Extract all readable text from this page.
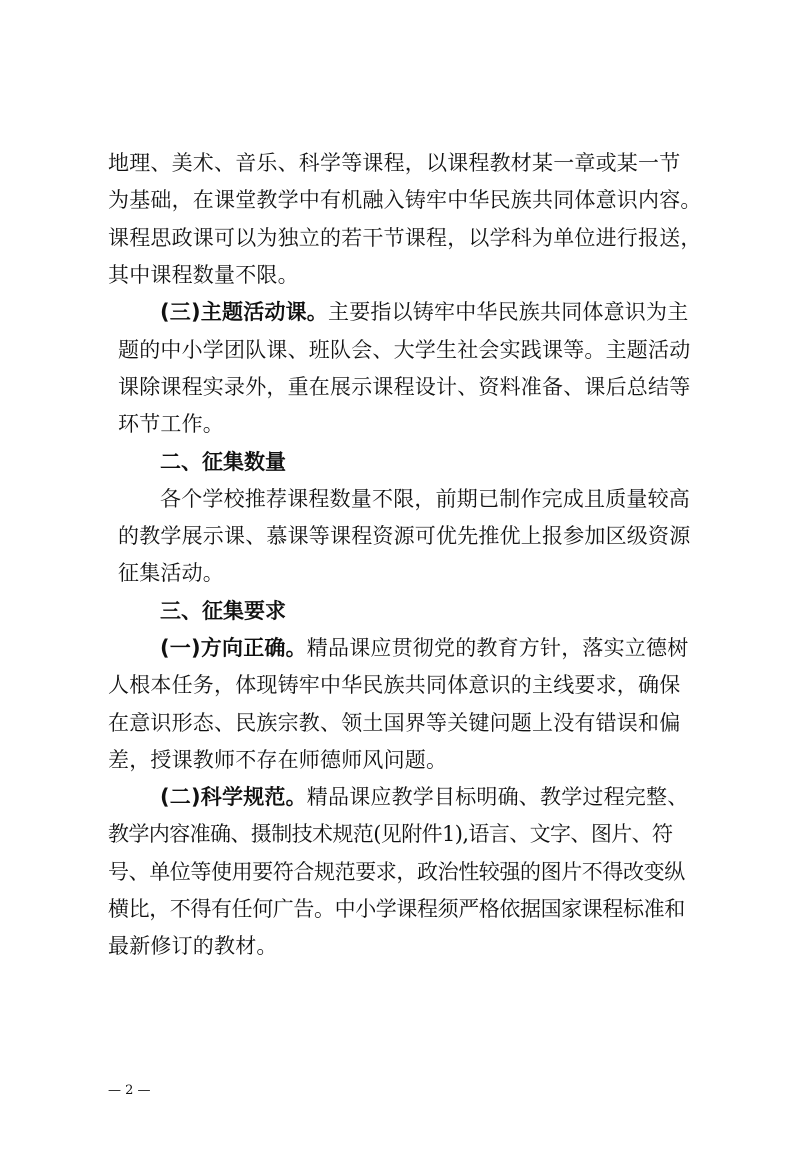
地理、美术、音乐、科学等课程，以课程教材某一章或某一节
为基础，在课堂教学中有机融入铸牢中华民族共同体意识内容。
课程思政课可以为独立的若干节课程，以学科为单位进行报送，
其中课程数量不限。
(三)主题活动课。主要指以铸牢中华民族共同体意识为主
题的中小学团队课、班队会、大学生社会实践课等。主题活动
课除课程实录外，重在展示课程设计、资料准备、课后总结等
环节工作。
二、征集数量
各个学校推荐课程数量不限，前期已制作完成且质量较高
的教学展示课、慕课等课程资源可优先推优上报参加区级资源
征集活动。
三、征集要求
(一)方向正确。精品课应贯彻党的教育方针，落实立德树
人根本任务，体现铸牢中华民族共同体意识的主线要求，确保
在意识形态、民族宗教、领土国界等关键问题上没有错误和偏
差，授课教师不存在师德师风问题。
(二)科学规范。精品课应教学目标明确、教学过程完整、
教学内容准确、摄制技术规范(见附件1),语言、文字、图片、符
号、单位等使用要符合规范要求，政治性较强的图片不得改变纵
横比，不得有任何广告。中小学课程须严格依据国家课程标准和
最新修订的教材。
— 2 —
